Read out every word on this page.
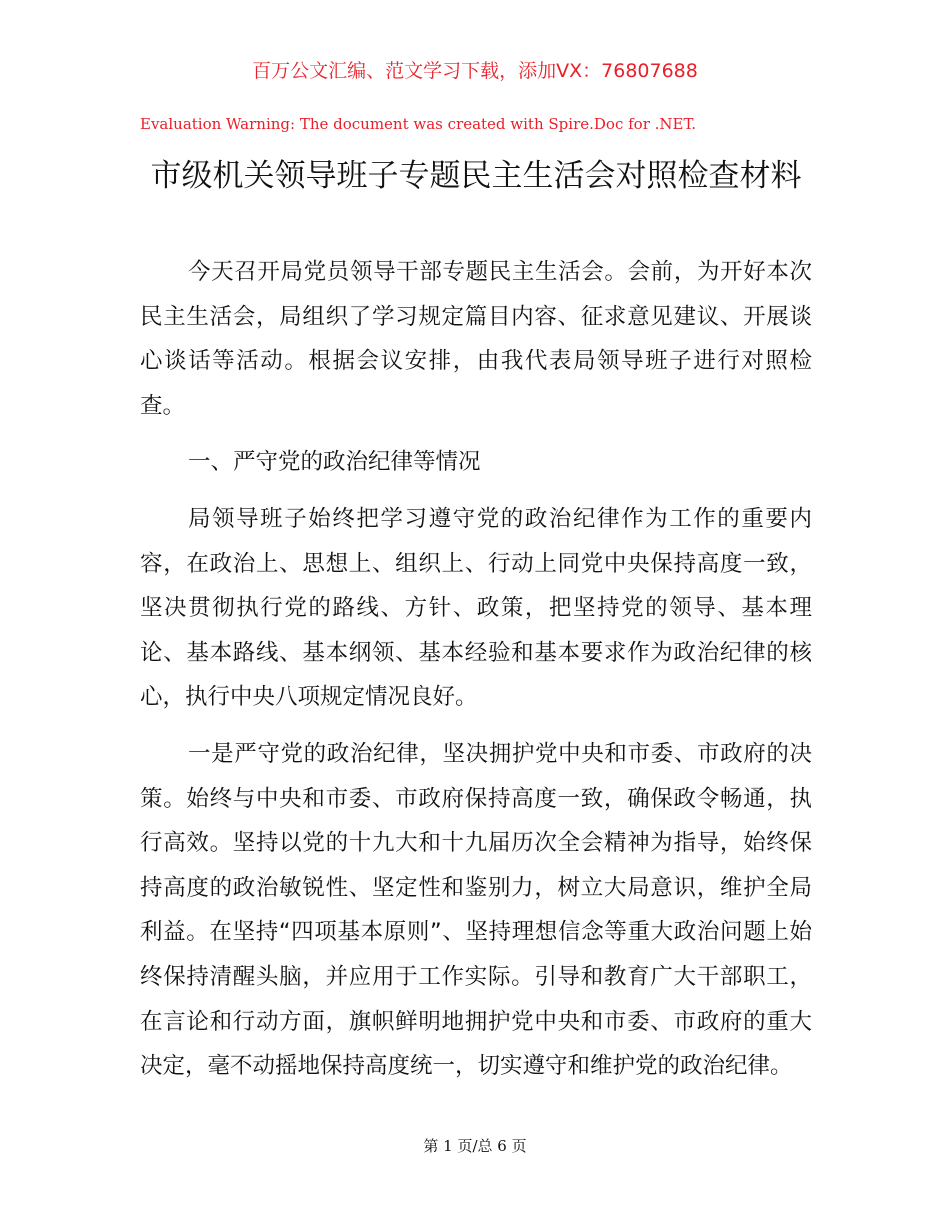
百万公文汇编、范文学习下载，添加VX：76807688
Evaluation Warning: The document was created with Spire.Doc for .NET.
市级机关领导班子专题民主生活会对照检查材料

今天召开局党员领导干部专题民主生活会。会前，为开好本次民主生活会，局组织了学习规定篇目内容、征求意见建议、开展谈心谈话等活动。根据会议安排，由我代表局领导班子进行对照检查。

一、严守党的政治纪律等情况

局领导班子始终把学习遵守党的政治纪律作为工作的重要内容，在政治上、思想上、组织上、行动上同党中央保持高度一致，坚决贯彻执行党的路线、方针、政策，把坚持党的领导、基本理论、基本路线、基本纲领、基本经验和基本要求作为政治纪律的核心，执行中央八项规定情况良好。

一是严守党的政治纪律，坚决拥护党中央和市委、市政府的决策。始终与中央和市委、市政府保持高度一致，确保政令畅通，执行高效。坚持以党的十九大和十九届历次全会精神为指导，始终保持高度的政治敏锐性、坚定性和鉴别力，树立大局意识，维护全局利益。在坚持“四项基本原则”、坚持理想信念等重大政治问题上始终保持清醒头脑，并应用于工作实际。引导和教育广大干部职工，在言论和行动方面，旗帜鲜明地拥护党中央和市委、市政府的重大决定，毫不动摇地保持高度统一，切实遵守和维护党的政治纪律。

第 1 页/总 6 页
